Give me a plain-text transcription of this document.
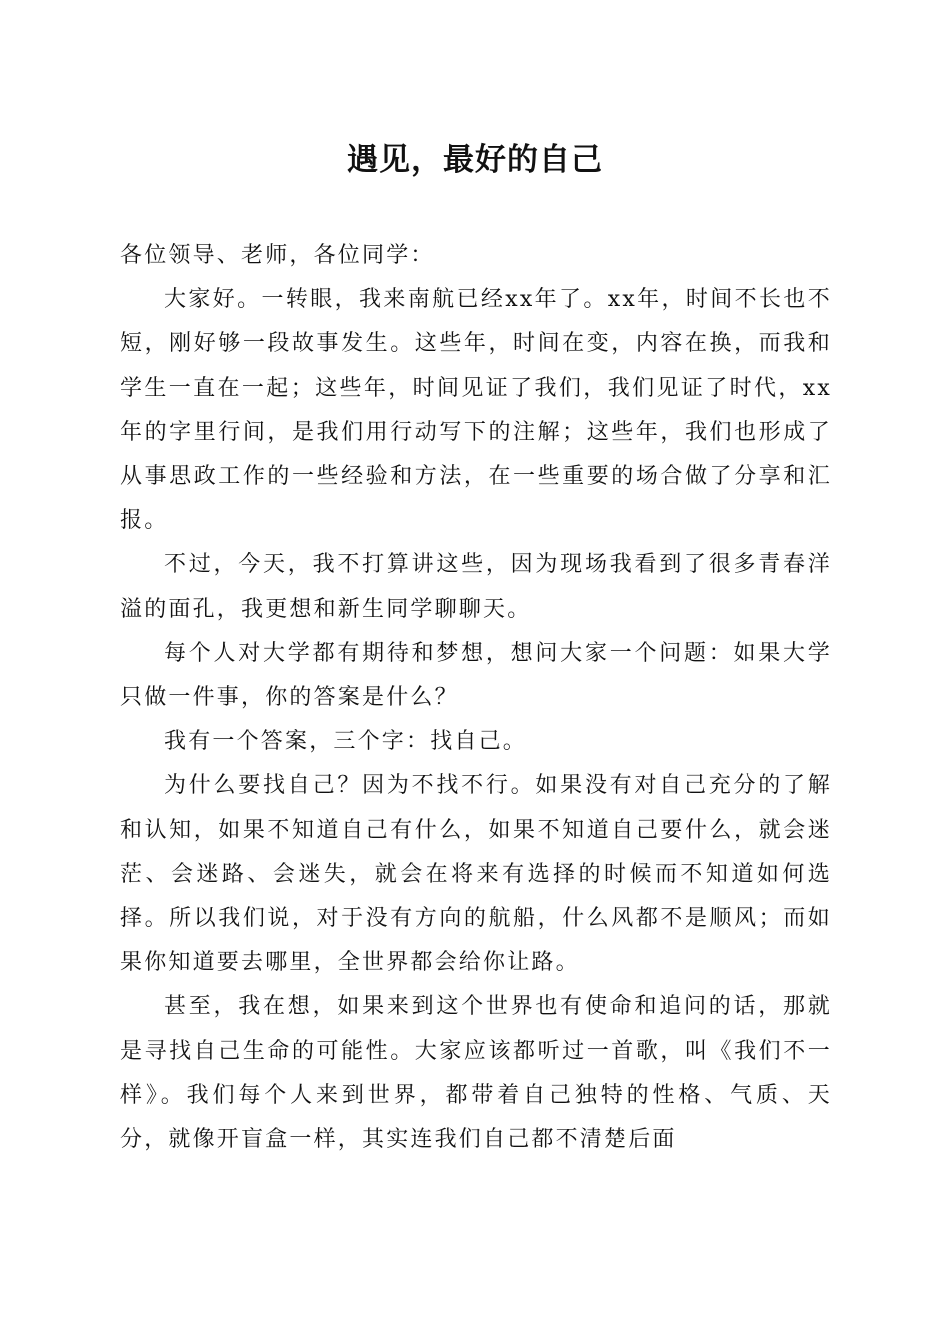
遇见，最好的自己

各位领导、老师，各位同学：

大家好。一转眼，我来南航已经xx年了。xx年，时间不长也不短，刚好够一段故事发生。这些年，时间在变，内容在换，而我和学生一直在一起；这些年，时间见证了我们，我们见证了时代，xx年的字里行间，是我们用行动写下的注解；这些年，我们也形成了从事思政工作的一些经验和方法，在一些重要的场合做了分享和汇报。

不过，今天，我不打算讲这些，因为现场我看到了很多青春洋溢的面孔，我更想和新生同学聊聊天。

每个人对大学都有期待和梦想，想问大家一个问题：如果大学只做一件事，你的答案是什么？

我有一个答案，三个字：找自己。

为什么要找自己？因为不找不行。如果没有对自己充分的了解和认知，如果不知道自己有什么，如果不知道自己要什么，就会迷茫、会迷路、会迷失，就会在将来有选择的时候而不知道如何选择。所以我们说，对于没有方向的航船，什么风都不是顺风；而如果你知道要去哪里，全世界都会给你让路。

甚至，我在想，如果来到这个世界也有使命和追问的话，那就是寻找自己生命的可能性。大家应该都听过一首歌，叫《我们不一样》。我们每个人来到世界，都带着自己独特的性格、气质、天分，就像开盲盒一样，其实连我们自己都不清楚后面
